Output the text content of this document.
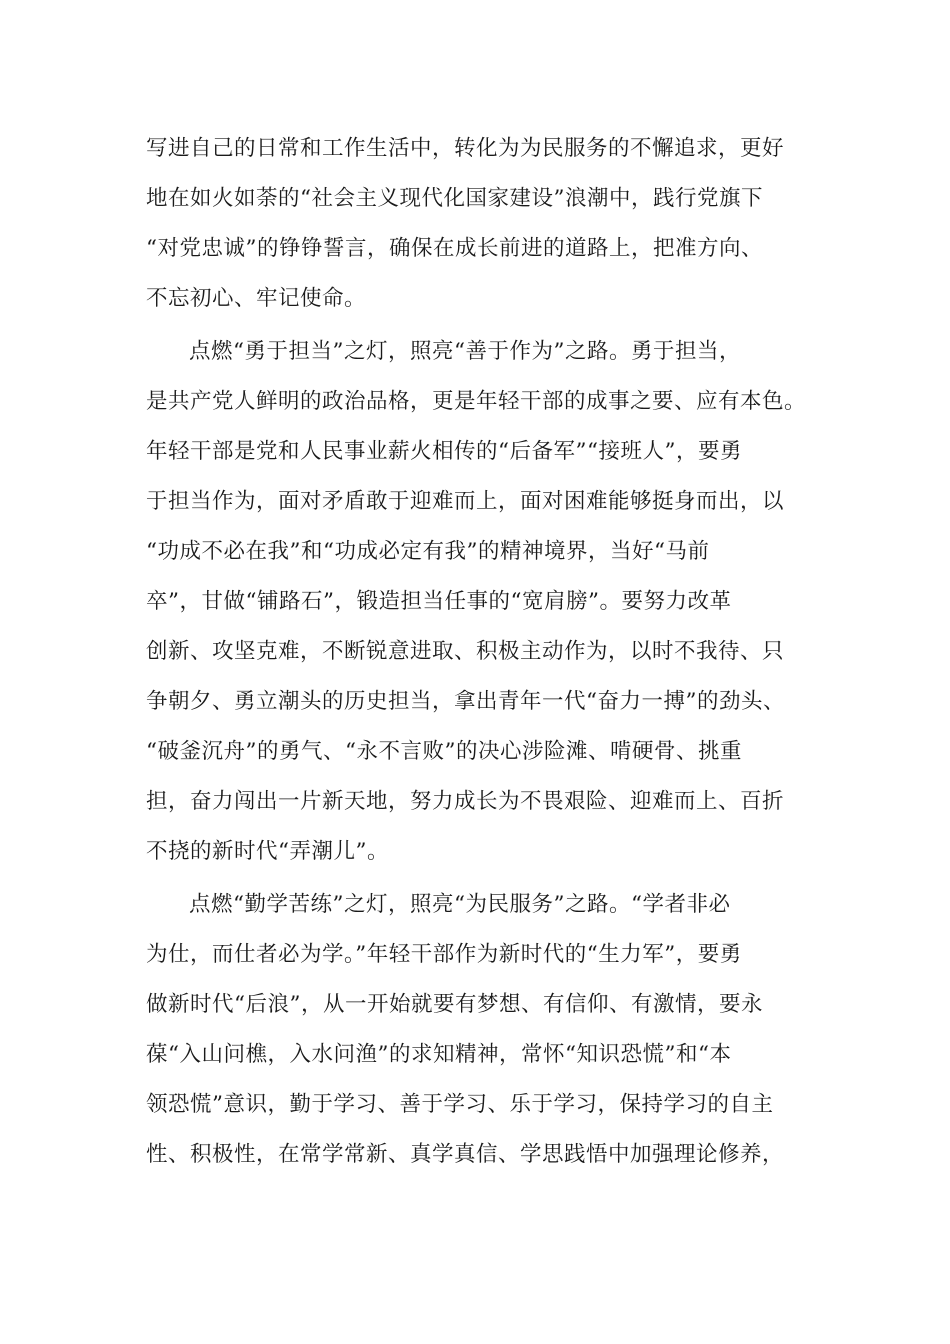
写进自己的日常和工作生活中，转化为为民服务的不懈追求，更好
地在如火如荼的“社会主义现代化国家建设”浪潮中，践行党旗下
“对党忠诚”的铮铮誓言，确保在成长前进的道路上，把准方向、
不忘初心、牢记使命。
点燃“勇于担当”之灯，照亮“善于作为”之路。勇于担当，
是共产党人鲜明的政治品格，更是年轻干部的成事之要、应有本色。
年轻干部是党和人民事业薪火相传的“后备军”“接班人”，要勇
于担当作为，面对矛盾敢于迎难而上，面对困难能够挺身而出，以
“功成不必在我”和“功成必定有我”的精神境界，当好“马前
卒”，甘做“铺路石”，锻造担当任事的“宽肩膀”。要努力改革
创新、攻坚克难，不断锐意进取、积极主动作为，以时不我待、只
争朝夕、勇立潮头的历史担当，拿出青年一代“奋力一搏”的劲头、
“破釜沉舟”的勇气、“永不言败”的决心涉险滩、啃硬骨、挑重
担，奋力闯出一片新天地，努力成长为不畏艰险、迎难而上、百折
不挠的新时代“弄潮儿”。
点燃“勤学苦练”之灯，照亮“为民服务”之路。“学者非必
为仕，而仕者必为学。”年轻干部作为新时代的“生力军”，要勇
做新时代“后浪”，从一开始就要有梦想、有信仰、有激情，要永
葆“入山问樵，入水问渔”的求知精神，常怀“知识恐慌”和“本
领恐慌”意识，勤于学习、善于学习、乐于学习，保持学习的自主
性、积极性，在常学常新、真学真信、学思践悟中加强理论修养，
